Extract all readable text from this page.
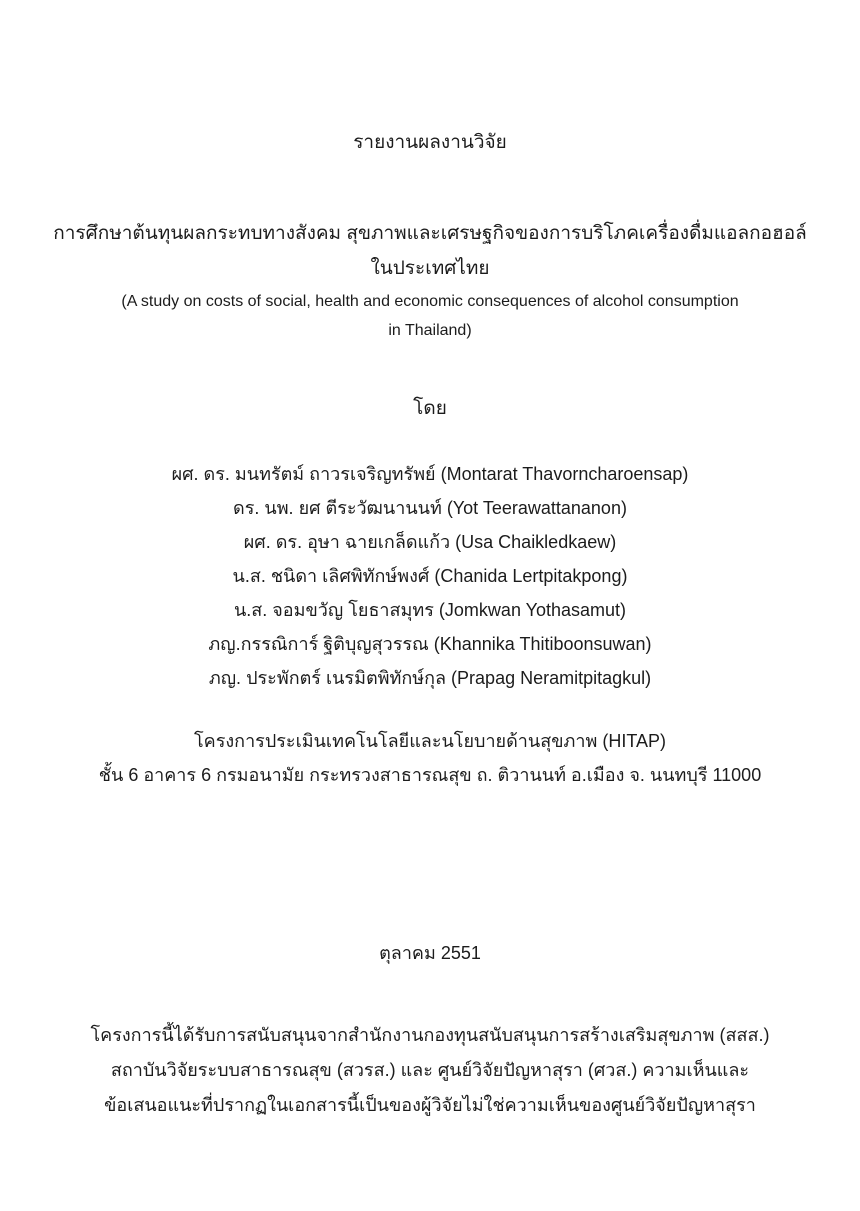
รายงานผลงานวิจัย
การศึกษาต้นทุนผลกระทบทางสังคม สุขภาพและเศรษฐกิจของการบริโภคเครื่องดื่มแอลกอฮอล์
ในประเทศไทย
(A study on costs of social, health and economic consequences of alcohol consumption
in Thailand)
โดย
ผศ. ดร. มนทรัตม์ ถาวรเจริญทรัพย์ (Montarat Thavorncharoensap)
ดร. นพ. ยศ ตีระวัฒนานนท์ (Yot Teerawattananon)
ผศ. ดร. อุษา ฉายเกล็ดแก้ว (Usa Chaikledkaew)
น.ส. ชนิดา เลิศพิทักษ์พงศ์ (Chanida Lertpitakpong)
น.ส. จอมขวัญ โยธาสมุทร (Jomkwan Yothasamut)
ภญ.กรรณิการ์ ฐิติบุญสุวรรณ (Khannika Thitiboonsuwan)
ภญ. ประพักตร์ เนรมิตพิทักษ์กุล (Prapag Neramitpitagkul)
โครงการประเมินเทคโนโลยีและนโยบายด้านสุขภาพ (HITAP)
ชั้น 6 อาคาร 6 กรมอนามัย กระทรวงสาธารณสุข ถ. ติวานนท์ อ.เมือง จ. นนทบุรี 11000
ตุลาคม 2551
โครงการนี้ได้รับการสนับสนุนจากสำนักงานกองทุนสนับสนุนการสร้างเสริมสุขภาพ (สสส.)
สถาบันวิจัยระบบสาธารณสุข (สวรส.) และ ศูนย์วิจัยปัญหาสุรา (ศวส.) ความเห็นและ
ข้อเสนอแนะที่ปรากฏในเอกสารนี้เป็นของผู้วิจัยไม่ใช่ความเห็นของศูนย์วิจัยปัญหาสุรา
